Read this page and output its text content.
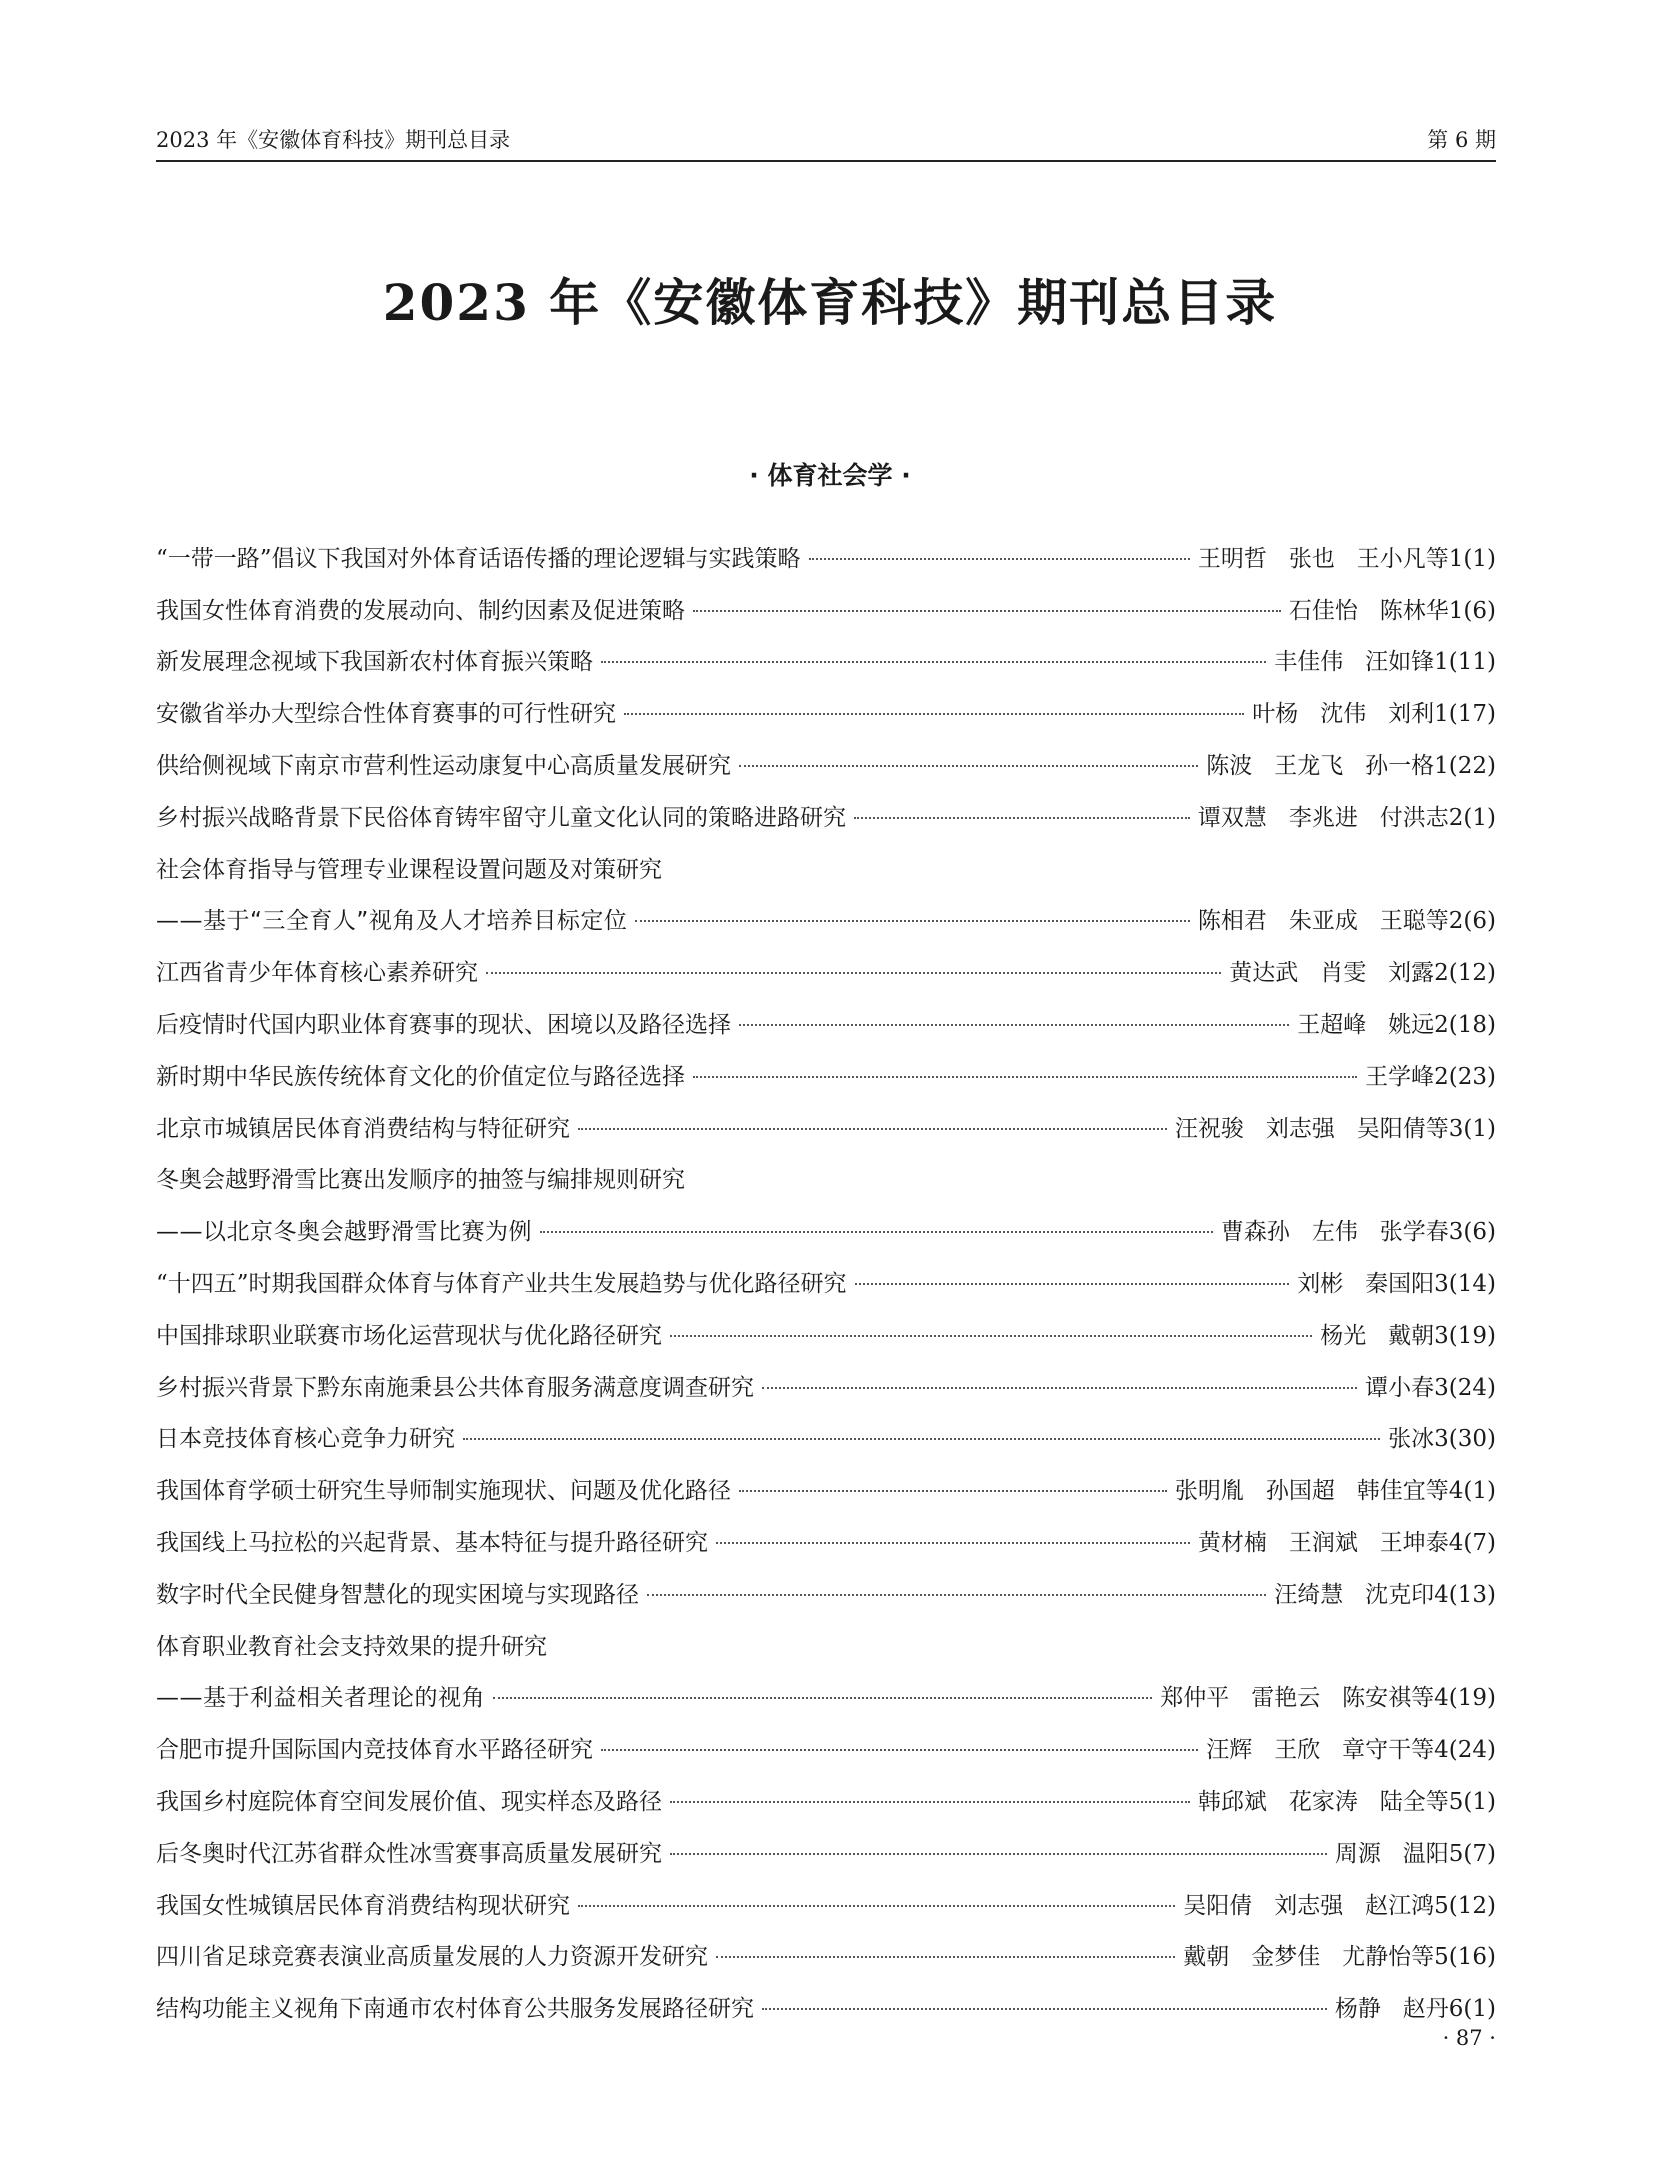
2023 年《安徽体育科技》期刊总目录	第 6 期
2023 年《安徽体育科技》期刊总目录
· 体育社会学 ·
“一带一路”倡议下我国对外体育话语传播的理论逻辑与实践策略	王明哲   张也   王小凡等 1(1)
我国女性体育消费的发展动向、制约因素及促进策略	石佳怡   陈林华 1(6)
新发展理念视域下我国新农村体育振兴策略	丰佳伟   汪如锋 1(11)
安徽省举办大型综合性体育赛事的可行性研究	叶杨   沈伟   刘利 1(17)
供给侧视域下南京市营利性运动康复中心高质量发展研究	陈波   王龙飞   孙一格 1(22)
乡村振兴战略背景下民俗体育铸牢留守儿童文化认同的策略进路研究	谭双慧   李兆进   付洪志 2(1)
社会体育指导与管理专业课程设置问题及对策研究
——基于“三全育人”视角及人才培养目标定位	陈相君   朱亚成   王聪等 2(6)
江西省青少年体育核心素养研究	黄达武   肖雯   刘露 2(12)
后疫情时代国内职业体育赛事的现状、困境以及路径选择	王超峰   姚远 2(18)
新时期中华民族传统体育文化的价值定位与路径选择	王学峰 2(23)
北京市城镇居民体育消费结构与特征研究	汪祝骏   刘志强   吴阳倩等 3(1)
冬奥会越野滑雪比赛出发顺序的抽签与编排规则研究
——以北京冬奥会越野滑雪比赛为例	曹森孙   左伟   张学春 3(6)
“十四五”时期我国群众体育与体育产业共生发展趋势与优化路径研究	刘彬   秦国阳 3(14)
中国排球职业联赛市场化运营现状与优化路径研究	杨光   戴朝 3(19)
乡村振兴背景下黔东南施秉县公共体育服务满意度调查研究	谭小春 3(24)
日本竞技体育核心竞争力研究	张冰 3(30)
我国体育学硕士研究生导师制实施现状、问题及优化路径	张明胤   孙国超   韩佳宜等 4(1)
我国线上马拉松的兴起背景、基本特征与提升路径研究	黄材楠   王润斌   王坤泰 4(7)
数字时代全民健身智慧化的现实困境与实现路径	汪绮慧   沈克印 4(13)
体育职业教育社会支持效果的提升研究
——基于利益相关者理论的视角	郑仲平   雷艳云   陈安祺等 4(19)
合肥市提升国际国内竞技体育水平路径研究	汪辉   王欣   章守干等 4(24)
我国乡村庭院体育空间发展价值、现实样态及路径	韩邱斌   花家涛   陆全等 5(1)
后冬奥时代江苏省群众性冰雪赛事高质量发展研究	周源   温阳 5(7)
我国女性城镇居民体育消费结构现状研究	吴阳倩   刘志强   赵江鸿 5(12)
四川省足球竞赛表演业高质量发展的人力资源开发研究	戴朝   金梦佳   尤静怡等 5(16)
结构功能主义视角下南通市农村体育公共服务发展路径研究	杨静   赵丹 6(1)
· 87 ·
